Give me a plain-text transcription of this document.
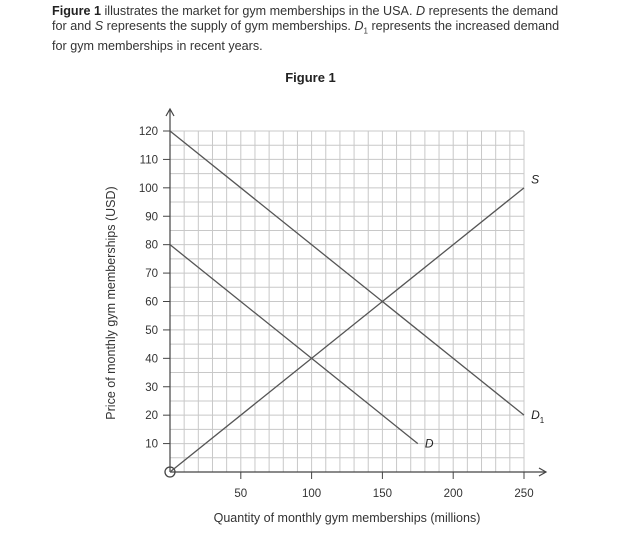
Figure 1 illustrates the market for gym memberships in the USA. D represents the demand
for and S represents the supply of gym memberships. $D_1$ represents the increased demand
for gym memberships in recent years.
Figure 1
10
20
30
40
50
60
70
80
90
100
110
120
50	100	150	200	250
S
D
$D_1$
Quantity of monthly gym memberships (millions)
Price of monthly gym memberships (USD)
